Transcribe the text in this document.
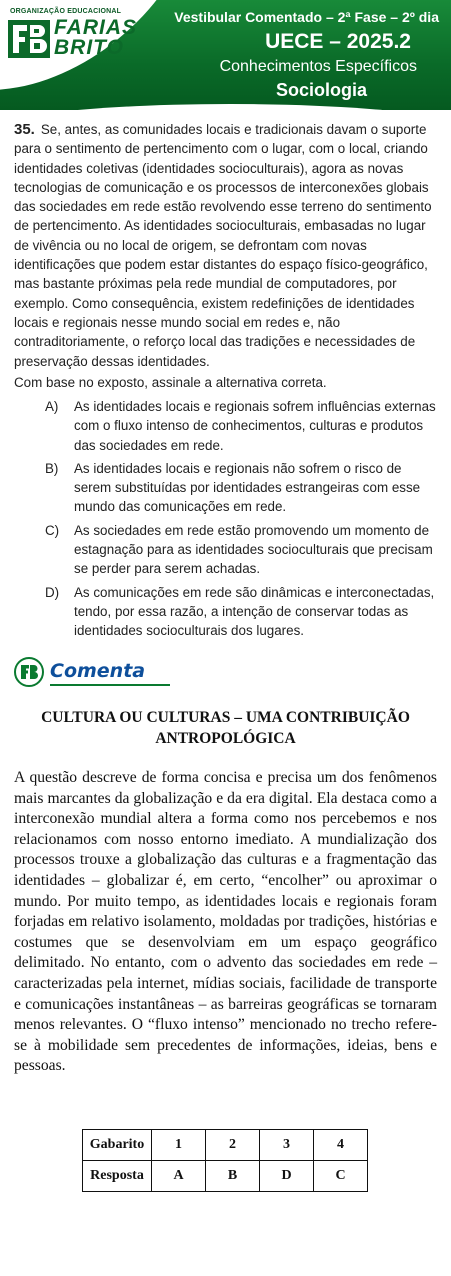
ORGANIZAÇÃO EDUCACIONAL
FARIAS
BRITO
Vestibular Comentado – 2ª Fase – 2º dia
UECE – 2025.2
Conhecimentos Específicos
Sociologia

35. Se, antes, as comunidades locais e tradicionais davam o suporte para o sentimento de pertencimento com o lugar, com o local, criando identidades coletivas (identidades socioculturais), agora as novas tecnologias de comunicação e os processos de interconexões globais das sociedades em rede estão revolvendo esse terreno do sentimento de pertencimento. As identidades socioculturais, embasadas no lugar de vivência ou no local de origem, se defrontam com novas identificações que podem estar distantes do espaço físico-geográfico, mas bastante próximas pela rede mundial de computadores, por exemplo. Como consequência, existem redefinições de identidades locais e regionais nesse mundo social em redes e, não contraditoriamente, o reforço local das tradições e necessidades de preservação dessas identidades.

Com base no exposto, assinale a alternativa correta.

A) As identidades locais e regionais sofrem influências externas com o fluxo intenso de conhecimentos, culturas e produtos das sociedades em rede.
B) As identidades locais e regionais não sofrem o risco de serem substituídas por identidades estrangeiras com esse mundo das comunicações em rede.
C) As sociedades em rede estão promovendo um momento de estagnação para as identidades socioculturais que precisam se perder para serem achadas.
D) As comunicações em rede são dinâmicas e interconectadas, tendo, por essa razão, a intenção de conservar todas as identidades socioculturais dos lugares.
Comenta
CULTURA OU CULTURAS – UMA CONTRIBUIÇÃO ANTROPOLÓGICA

A questão descreve de forma concisa e precisa um dos fenômenos mais marcantes da globalização e da era digital. Ela destaca como a interconexão mundial altera a forma como nos percebemos e nos relacionamos com nosso entorno imediato. A mundialização dos processos trouxe a globalização das culturas e a fragmentação das identidades – globalizar é, em certo, “encolher” ou aproximar o mundo. Por muito tempo, as identidades locais e regionais foram forjadas em relativo isolamento, moldadas por tradições, histórias e costumes que se desenvolviam em um espaço geográfico delimitado. No entanto, com o advento das sociedades em rede – caracterizadas pela internet, mídias sociais, facilidade de transporte e comunicações instantâneas – as barreiras geográficas se tornaram menos relevantes. O “fluxo intenso” mencionado no trecho refere-se à mobilidade sem precedentes de informações, ideias, bens e pessoas.

Gabarito	1	2	3	4
Resposta	A	B	D	C
